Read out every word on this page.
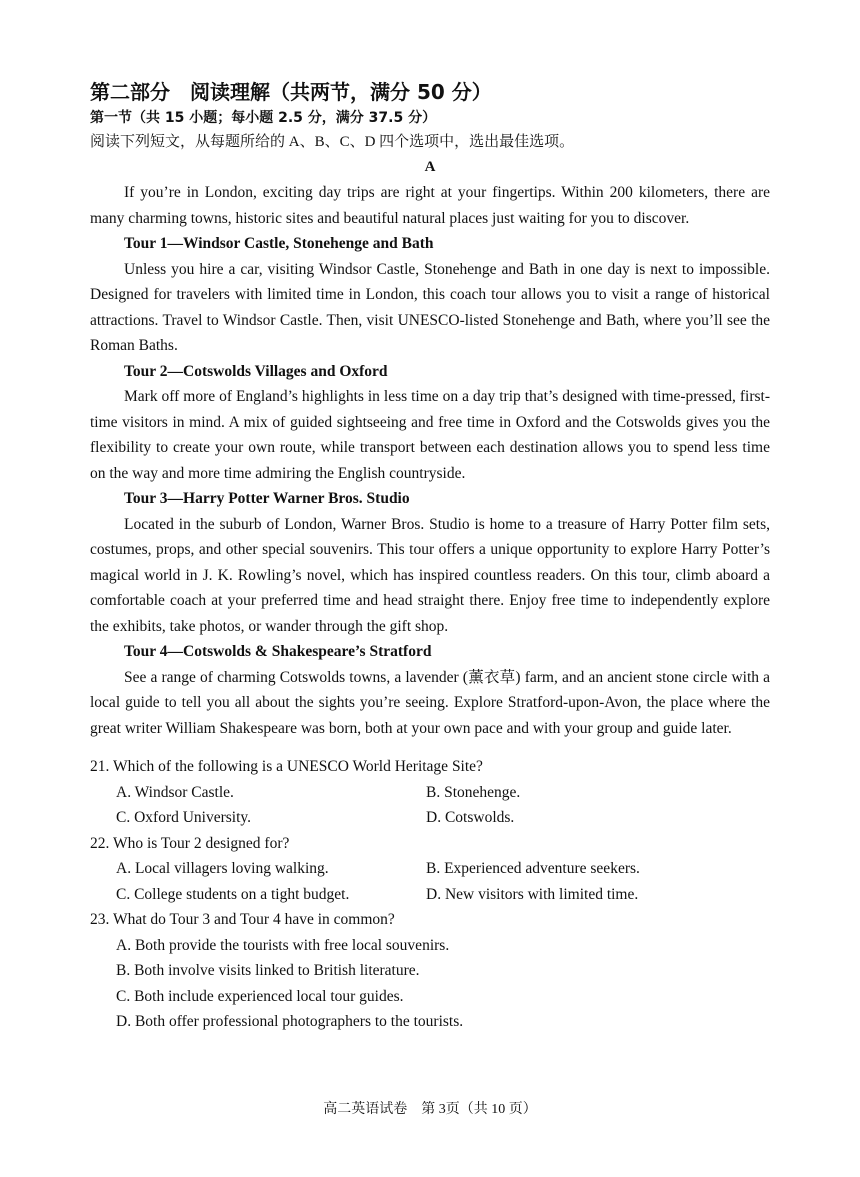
第二部分　阅读理解（共两节，满分 50 分）
第一节（共 15 小题；每小题 2.5 分，满分 37.5 分）

阅读下列短文，从每题所给的 A、B、C、D 四个选项中，选出最佳选项。

A

If you’re in London, exciting day trips are right at your fingertips. Within 200 kilometers, there are many charming towns, historic sites and beautiful natural places just waiting for you to discover.

Tour 1—Windsor Castle, Stonehenge and Bath

Unless you hire a car, visiting Windsor Castle, Stonehenge and Bath in one day is next to impossible. Designed for travelers with limited time in London, this coach tour allows you to visit a range of historical attractions. Travel to Windsor Castle. Then, visit UNESCO-listed Stonehenge and Bath, where you’ll see the Roman Baths.

Tour 2—Cotswolds Villages and Oxford

Mark off more of England’s highlights in less time on a day trip that’s designed with time-pressed, first-time visitors in mind. A mix of guided sightseeing and free time in Oxford and the Cotswolds gives you the flexibility to create your own route, while transport between each destination allows you to spend less time on the way and more time admiring the English countryside.

Tour 3—Harry Potter Warner Bros. Studio

Located in the suburb of London, Warner Bros. Studio is home to a treasure of Harry Potter film sets, costumes, props, and other special souvenirs. This tour offers a unique opportunity to explore Harry Potter’s magical world in J. K. Rowling’s novel, which has inspired countless readers. On this tour, climb aboard a comfortable coach at your preferred time and head straight there. Enjoy free time to independently explore the exhibits, take photos, or wander through the gift shop.

Tour 4—Cotswolds & Shakespeare’s Stratford

See a range of charming Cotswolds towns, a lavender (薰衣草) farm, and an ancient stone circle with a local guide to tell you all about the sights you’re seeing. Explore Stratford-upon-Avon, the place where the great writer William Shakespeare was born, both at your own pace and with your group and guide later.

21. Which of the following is a UNESCO World Heritage Site?

A. Windsor Castle.	B. Stonehenge.
C. Oxford University.	D. Cotswolds.

22. Who is Tour 2 designed for?

A. Local villagers loving walking.	B. Experienced adventure seekers.
C. College students on a tight budget.	D. New visitors with limited time.

23. What do Tour 3 and Tour 4 have in common?

A. Both provide the tourists with free local souvenirs.
B. Both involve visits linked to British literature.
C. Both include experienced local tour guides.
D. Both offer professional photographers to the tourists.
高二英语试卷　第 3页（共 10 页）
